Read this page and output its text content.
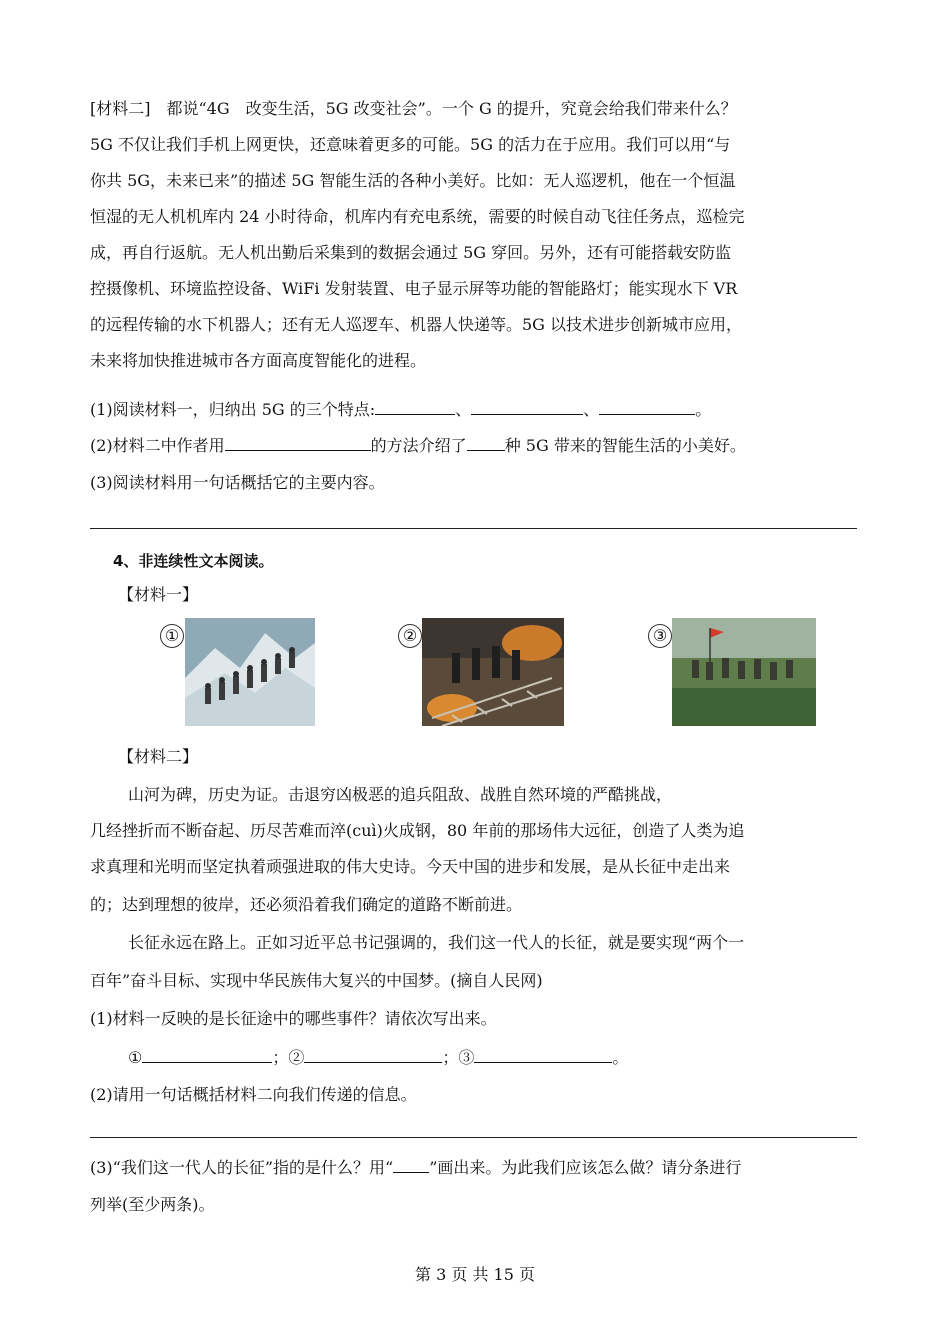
[材料二]　都说“4G　改变生活，5G 改变社会”。一个 G 的提升，究竟会给我们带来什么？
5G 不仅让我们手机上网更快，还意味着更多的可能。5G 的活力在于应用。我们可以用“与
你共 5G，未来已来”的描述 5G 智能生活的各种小美好。比如：无人巡逻机，他在一个恒温
恒湿的无人机机库内 24 小时待命，机库内有充电系统，需要的时候自动飞往任务点，巡检完
成，再自行返航。无人机出勤后采集到的数据会通过 5G 穿回。另外，还有可能搭载安防监
控摄像机、环境监控设备、WiFi 发射装置、电子显示屏等功能的智能路灯；能实现水下 VR
的远程传输的水下机器人；还有无人巡逻车、机器人快递等。5G 以技术进步创新城市应用，
未来将加快推进城市各方面高度智能化的进程。
(1)阅读材料一，归纳出 5G 的三个特点:	、	、	。
(2)材料二中作者用	的方法介绍了 种 5G 带来的智能生活的小美好。
(3)阅读材料用一句话概括它的主要内容。
4、非连续性文本阅读。
【材料一】
①	②	③
【材料二】
山河为碑，历史为证。击退穷凶极恶的追兵阻敌、战胜自然环境的严酷挑战，
几经挫折而不断奋起、历尽苦难而淬(cuì)火成钢，80 年前的那场伟大远征，创造了人类为追
求真理和光明而坚定执着顽强进取的伟大史诗。今天中国的进步和发展，是从长征中走出来
的；达到理想的彼岸，还必须沿着我们确定的道路不断前进。
长征永远在路上。正如习近平总书记强调的，我们这一代人的长征，就是要实现“两个一
百年”奋斗目标、实现中华民族伟大复兴的中国梦。(摘自人民网)
(1)材料一反映的是长征途中的哪些事件？请依次写出来。
①	；②	；③	。
(2)请用一句话概括材料二向我们传递的信息。
(3)“我们这一代人的长征”指的是什么？用“ ”画出来。为此我们应该怎么做？请分条进行
列举(至少两条)。
第 3 页 共 15 页
